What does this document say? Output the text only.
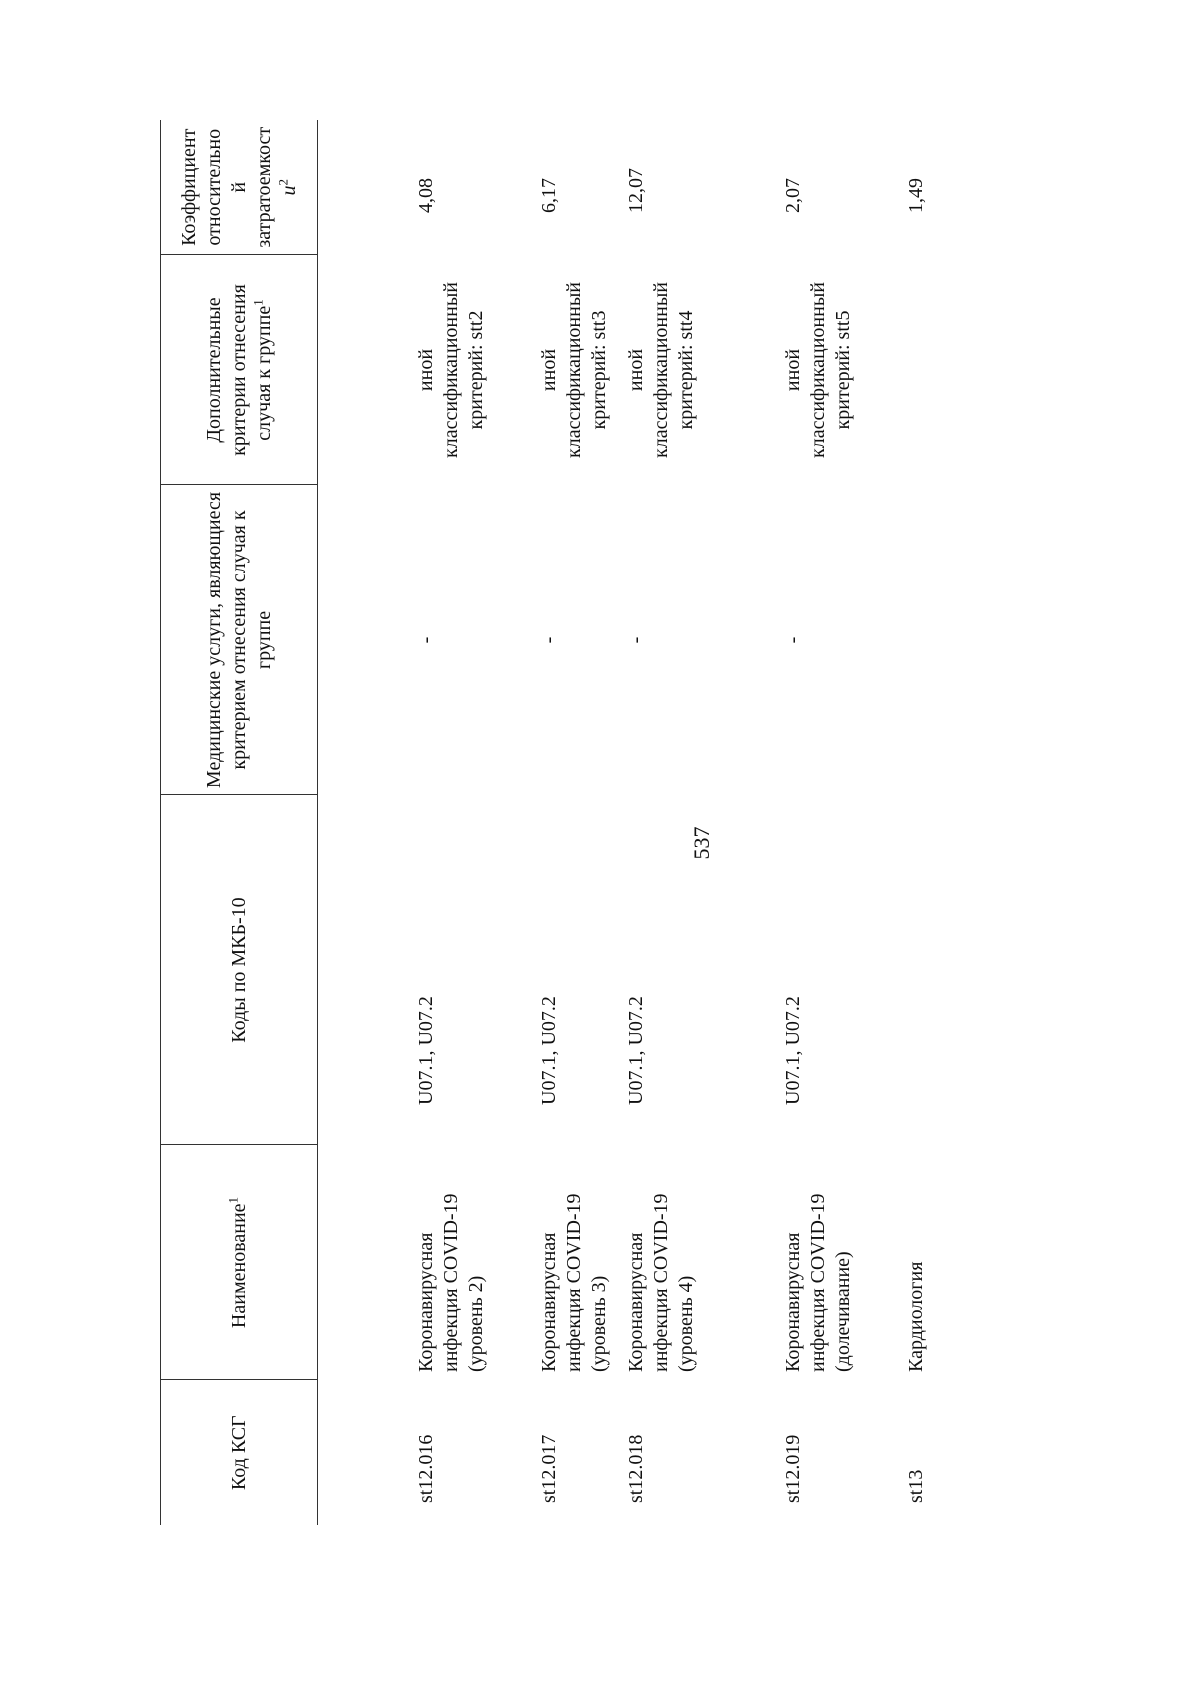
537
Код КСГ	Наименование$^1$	Коды по МКБ-10	Медицинские услуги, являющиеся критерием отнесения случая к группе	Дополнительные критерии отнесения случая к группе$^1$	Коэффициент относительно й затратоемкост $и^2$
st12.016	Коронавирусная инфекция COVID-19 (уровень 2)	U07.1, U07.2	-	иной классификационный критерий: stt2	4,08

st12.017	Коронавирусная инфекция COVID-19 (уровень 3)	U07.1, U07.2	-	иной классификационный критерий: stt3	6,17
st12.018	Коронавирусная инфекция COVID-19 (уровень 4)	U07.1, U07.2	-	иной классификационный критерий: stt4	12,07

st12.019	Коронавирусная инфекция COVID-19 (долечивание)	U07.1, U07.2	-	иной классификационный критерий: stt5	2,07

st13	Кардиология				1,49
